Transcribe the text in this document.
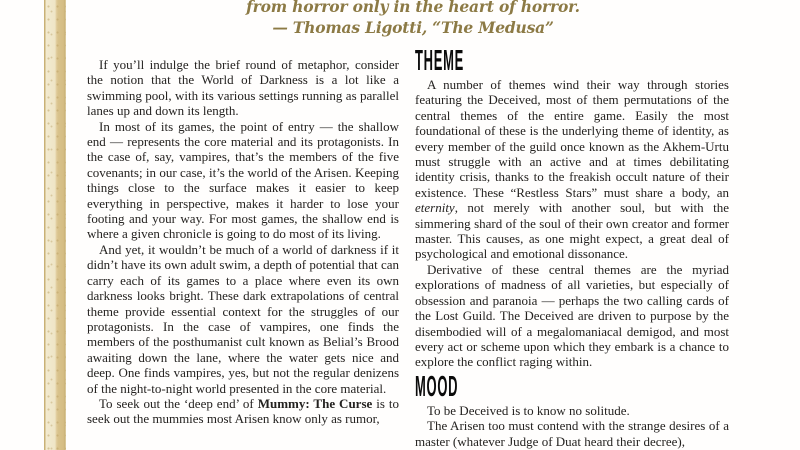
from horror only in the heart of horror.
— Thomas Ligotti, “The Medusa”

If you’ll indulge the brief round of metaphor, consider the notion that the World of Darkness is a lot like a swimming pool, with its various settings running as parallel lanes up and down its length.

In most of its games, the point of entry — the shallow end — represents the core material and its protagonists. In the case of, say, vampires, that’s the members of the five covenants; in our case, it’s the world of the Arisen. Keeping things close to the surface makes it easier to keep everything in perspective, makes it harder to lose your footing and your way. For most games, the shallow end is where a given chronicle is going to do most of its living.

And yet, it wouldn’t be much of a world of darkness if it didn’t have its own adult swim, a depth of potential that can carry each of its games to a place where even its own darkness looks bright. These dark extrapolations of central theme provide essential context for the struggles of our protagonists. In the case of vampires, one finds the members of the posthumanist cult known as Belial’s Brood awaiting down the lane, where the water gets nice and deep. One finds vampires, yes, but not the regular denizens of the night-to-night world presented in the core material.

To seek out the ‘deep end’ of Mummy: The Curse is to seek out the mummies most Arisen know only as rumor,

THEME

A number of themes wind their way through stories featuring the Deceived, most of them permutations of the central themes of the entire game. Easily the most foundational of these is the underlying theme of identity, as every member of the guild once known as the Akhem-Urtu must struggle with an active and at times debilitating identity crisis, thanks to the freakish occult nature of their existence. These “Restless Stars” must share a body, an eternity, not merely with another soul, but with the simmering shard of the soul of their own creator and former master. This causes, as one might expect, a great deal of psychological and emotional dissonance.

Derivative of these central themes are the myriad explorations of madness of all varieties, but especially of obsession and paranoia — perhaps the two calling cards of the Lost Guild. The Deceived are driven to purpose by the disembodied will of a megalomaniacal demigod, and most every act or scheme upon which they embark is a chance to explore the conflict raging within.

MOOD

To be Deceived is to know no solitude.

The Arisen too must contend with the strange desires of a master (whatever Judge of Duat heard their decree),
